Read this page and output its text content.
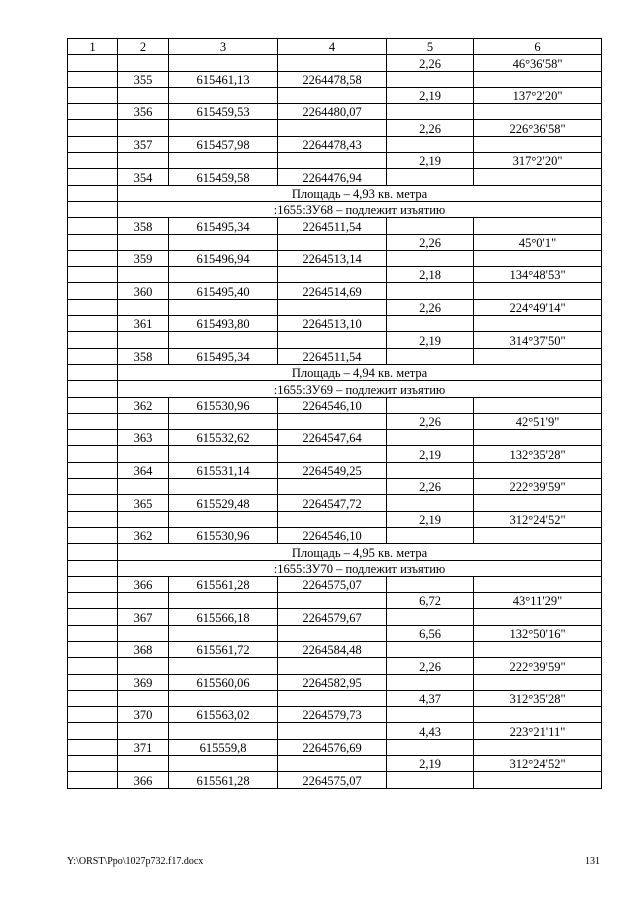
1	2	3	4	5	6
				2,26	46°36'58"
	355	615461,13	2264478,58		
				2,19	137°2'20"
	356	615459,53	2264480,07		
				2,26	226°36'58"
	357	615457,98	2264478,43		
				2,19	317°2'20"
	354	615459,58	2264476,94		
	Площадь – 4,93 кв. метра				
	:1655:ЗУ68 – подлежит изъятию				
	358	615495,34	2264511,54		
				2,26	45°0'1"
	359	615496,94	2264513,14		
				2,18	134°48'53"
	360	615495,40	2264514,69		
				2,26	224°49'14"
	361	615493,80	2264513,10		
				2,19	314°37'50"
	358	615495,34	2264511,54		
	Площадь – 4,94 кв. метра				
	:1655:ЗУ69 – подлежит изъятию				
	362	615530,96	2264546,10		
				2,26	42°51'9"
	363	615532,62	2264547,64		
				2,19	132°35'28"
	364	615531,14	2264549,25		
				2,26	222°39'59"
	365	615529,48	2264547,72		
				2,19	312°24'52"
	362	615530,96	2264546,10		
	Площадь – 4,95 кв. метра				
	:1655:ЗУ70 – подлежит изъятию				
	366	615561,28	2264575,07		
				6,72	43°11'29"
	367	615566,18	2264579,67		
				6,56	132°50'16"
	368	615561,72	2264584,48		
				2,26	222°39'59"
	369	615560,06	2264582,95		
				4,37	312°35'28"
	370	615563,02	2264579,73		
				4,43	223°21'11"
	371	615559,8	2264576,69		
				2,19	312°24'52"
	366	615561,28	2264575,07		
Y:\ORST\Ppo\1027p732.f17.docx	131
